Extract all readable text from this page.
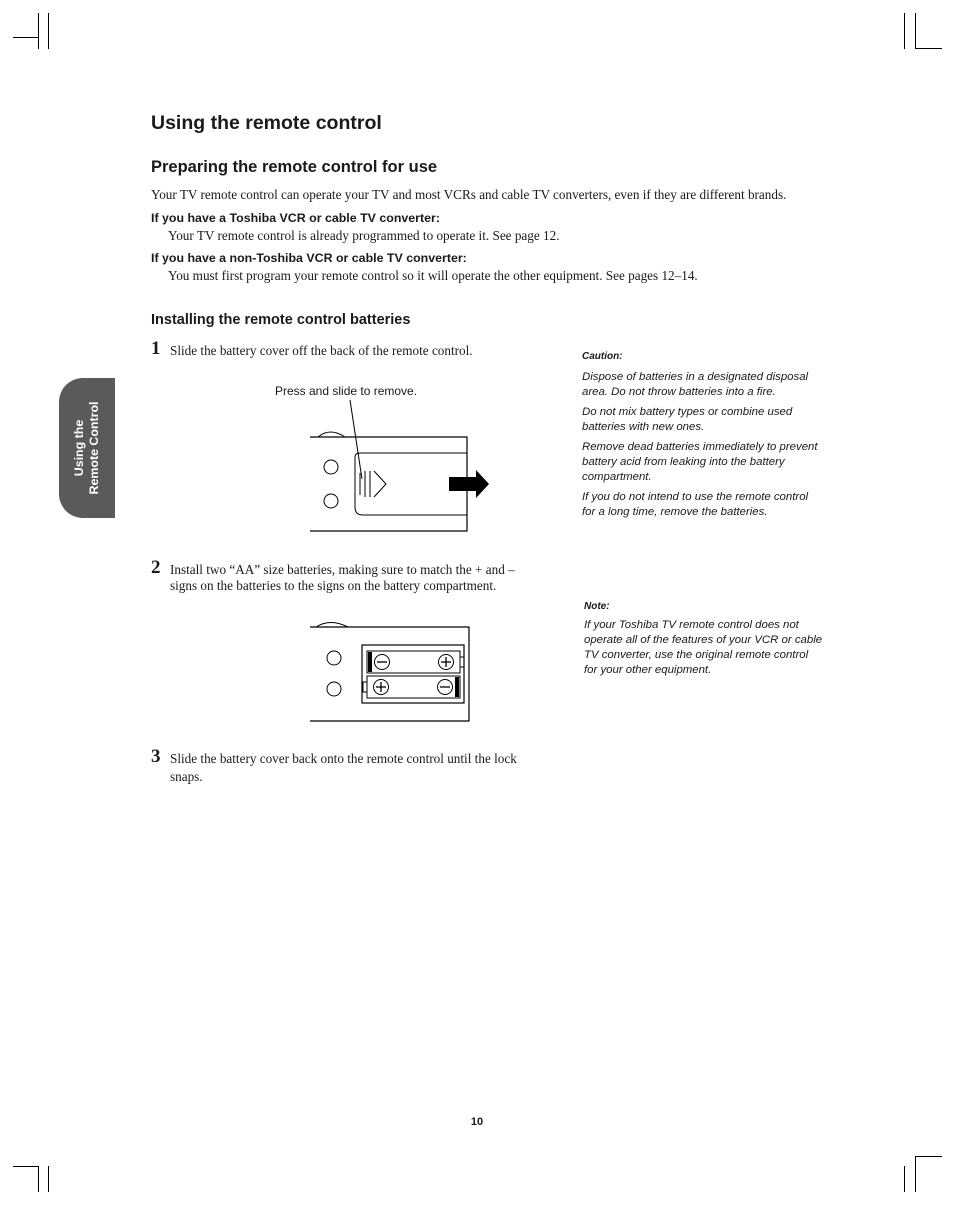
Using the remote control
Preparing the remote control for use
Your TV remote control can operate your TV and most VCRs and cable TV converters, even if they are different brands.
If you have a Toshiba VCR or cable TV converter:
Your TV remote control is already programmed to operate it. See page 12.
If you have a non-Toshiba VCR or cable TV converter:
You must first program your remote control so it will operate the other equipment. See pages 12–14.
Installing the remote control batteries
1 Slide the battery cover off the back of the remote control.
Press and slide to remove.
2 Install two “AA” size batteries, making sure to match the + and –
signs on the batteries to the signs on the battery compartment.
3 Slide the battery cover back onto the remote control until the lock
snaps.
Using the Remote Control
Caution:
Dispose of batteries in a designated disposal
area. Do not throw batteries into a fire.
Do not mix battery types or combine used
batteries with new ones.
Remove dead batteries immediately to prevent
battery acid from leaking into the battery
compartment.
If you do not intend to use the remote control
for a long time, remove the batteries.
Note:
If your Toshiba TV remote control does not
operate all of the features of your VCR or cable
TV converter, use the original remote control
for your other equipment.
10
